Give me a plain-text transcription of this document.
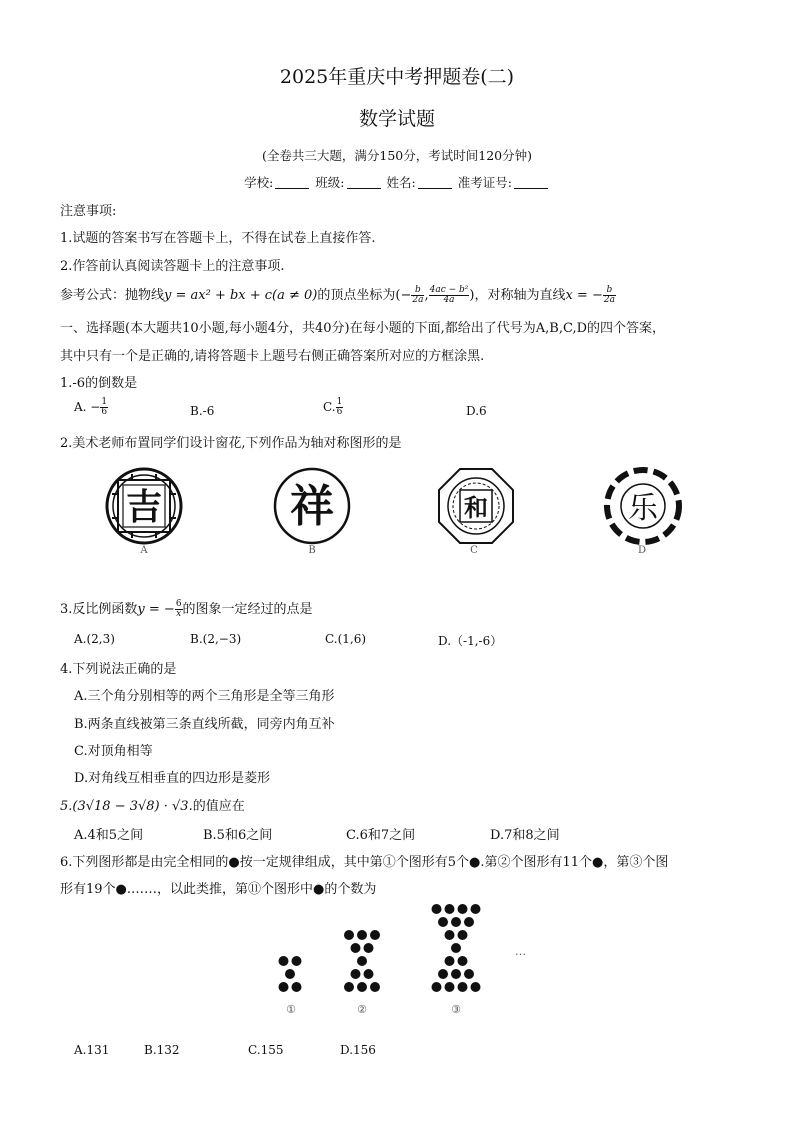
2025年重庆中考押题卷(二)
数学试题
(全卷共三大题，满分150分，考试时间120分钟)
学校:	班级:	姓名:	准考证号:
注意事项:
1.试题的答案书写在答题卡上，不得在试卷上直接作答.
2.作答前认真阅读答题卡上的注意事项.
参考公式：抛物线y = ax² + bx + c(a ≠ 0)的顶点坐标为(− $\frac{b}{2a}$ , $\frac{\text{4ac − b²}}{4a}$ )，对称轴为直线x = − $\frac{b}{2a}$
一、选择题(本大题共10小题,每小题4分，共40分)在每小题的下面,都给出了代号为A,B,C,D的四个答案，
其中只有一个是正确的,请将答题卡上题号右侧正确答案所对应的方框涂黑.
1.-6的倒数是
A. − $\frac{1}{6}$	B.-6	C. $\frac{1}{6}$	D.6
2.美术老师布置同学们设计窗花,下列作品为轴对称图形的是
吉
A
祥
B
和
C
乐
D
3.反比例函数y = − $\frac{6}{x}$ 的图象一定经过的点是
A.(2,3)	B.(2,−3)	C.(1,6)	D.（-1,-6）
4.下列说法正确的是
A.三个角分别相等的两个三角形是全等三角形
B.两条直线被第三条直线所截，同旁内角互补
C.对顶角相等
D.对角线互相垂直的四边形是菱形
5.(3√18 − 3√8) · √3.的值应在
A.4和5之间	B.5和6之间	C.6和7之间	D.7和8之间
6.下列图形都是由完全相同的●按一定规律组成，其中第①个图形有5个●.第②个图形有11个●，第③个图
形有19个●.……，以此类推，第⑪个图形中●的个数为
…
①	②	③
A.131	B.132	C.155	D.156
